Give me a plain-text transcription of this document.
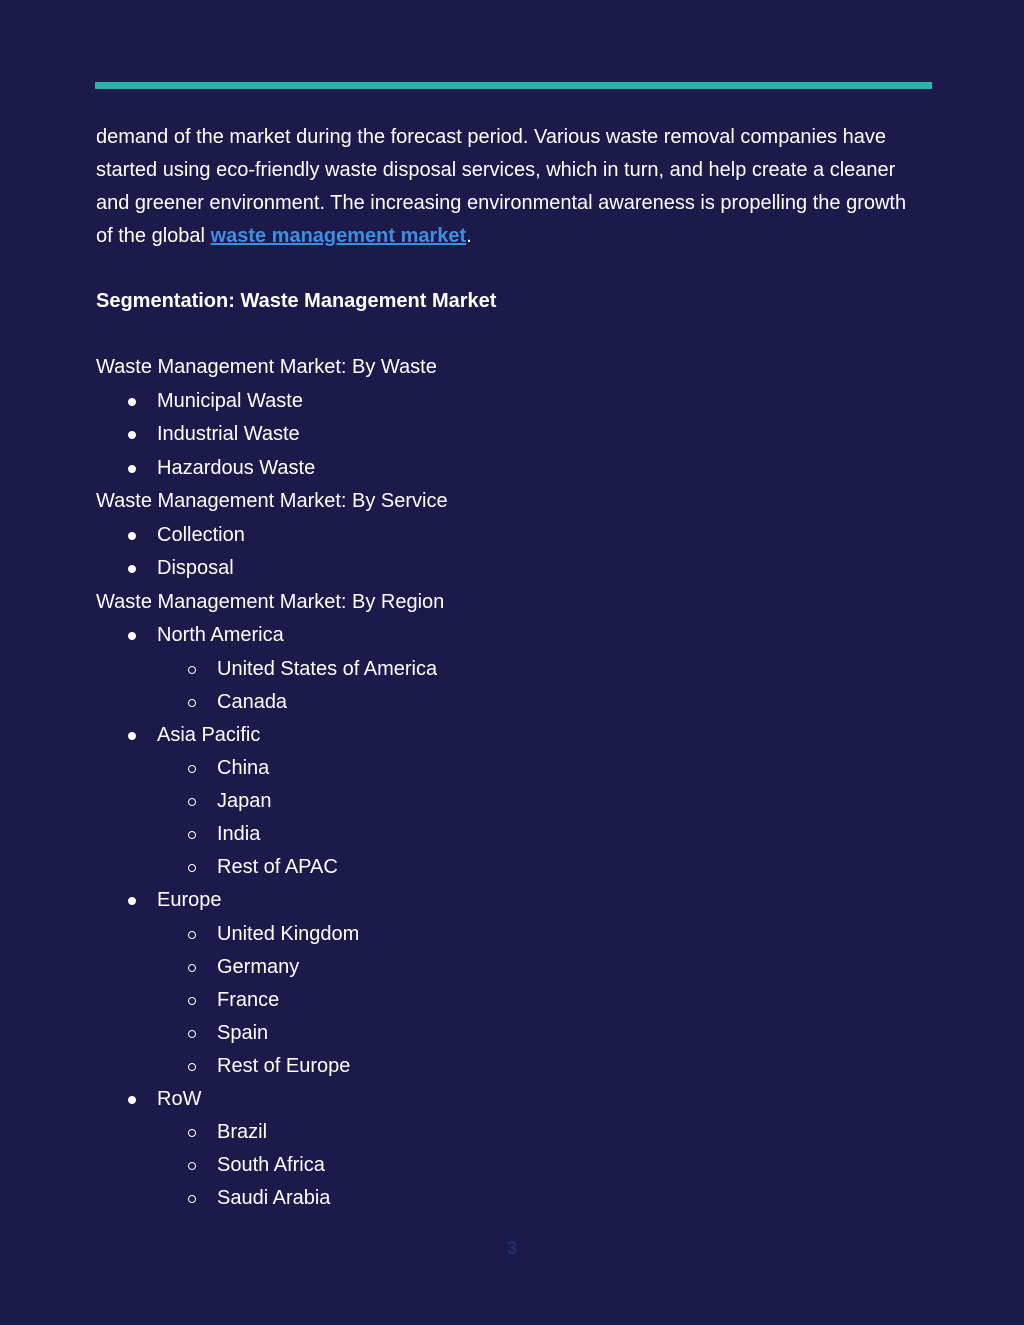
demand of the market during the forecast period. Various waste removal companies have started using eco-friendly waste disposal services, which in turn, and help create a cleaner and greener environment. The increasing environmental awareness is propelling the growth of the global waste management market.

Segmentation: Waste Management Market

Waste Management Market: By Waste

Municipal Waste
Industrial Waste
Hazardous Waste

Waste Management Market: By Service

Collection
Disposal

Waste Management Market: By Region

North America
United States of America
Canada
Asia Pacific
China
Japan
India
Rest of APAC
Europe
United Kingdom
Germany
France
Spain
Rest of Europe
RoW
Brazil
South Africa
Saudi Arabia
3
